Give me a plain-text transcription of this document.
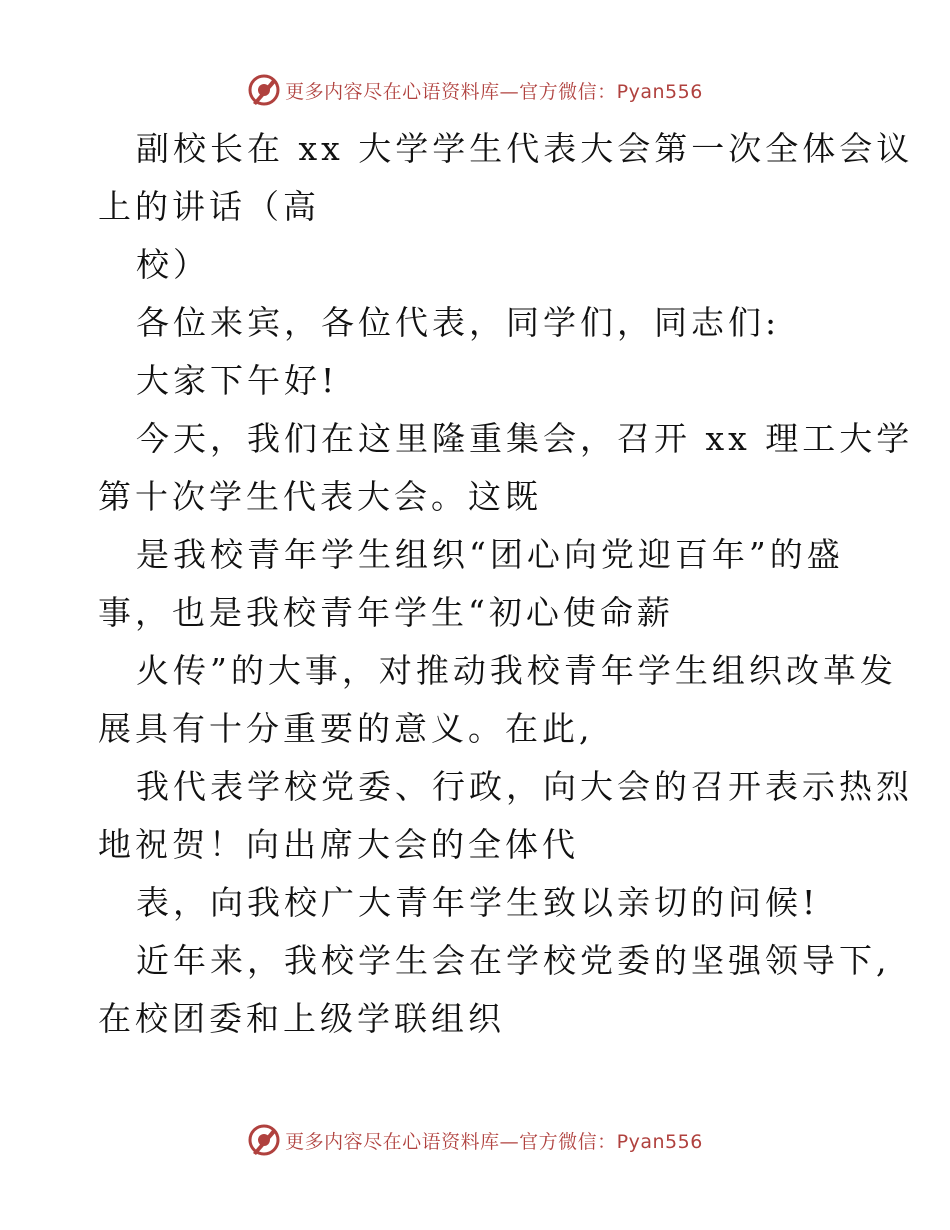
更多内容尽在心语资料库—官方微信：Pyan556
副校长在 xx 大学学生代表大会第一次全体会议
上的讲话（高
校）
各位来宾，各位代表，同学们，同志们:
大家下午好!
今天，我们在这里隆重集会，召开 xx 理工大学
第十次学生代表大会。这既
是我校青年学生组织“团心向党迎百年”的盛
事，也是我校青年学生“初心使命薪
火传”的大事，对推动我校青年学生组织改革发
展具有十分重要的意义。在此,
我代表学校党委、行政，向大会的召开表示热烈
地祝贺！向出席大会的全体代
表，向我校广大青年学生致以亲切的问候!
近年来，我校学生会在学校党委的坚强领导下,
在校团委和上级学联组织
更多内容尽在心语资料库—官方微信：Pyan556
